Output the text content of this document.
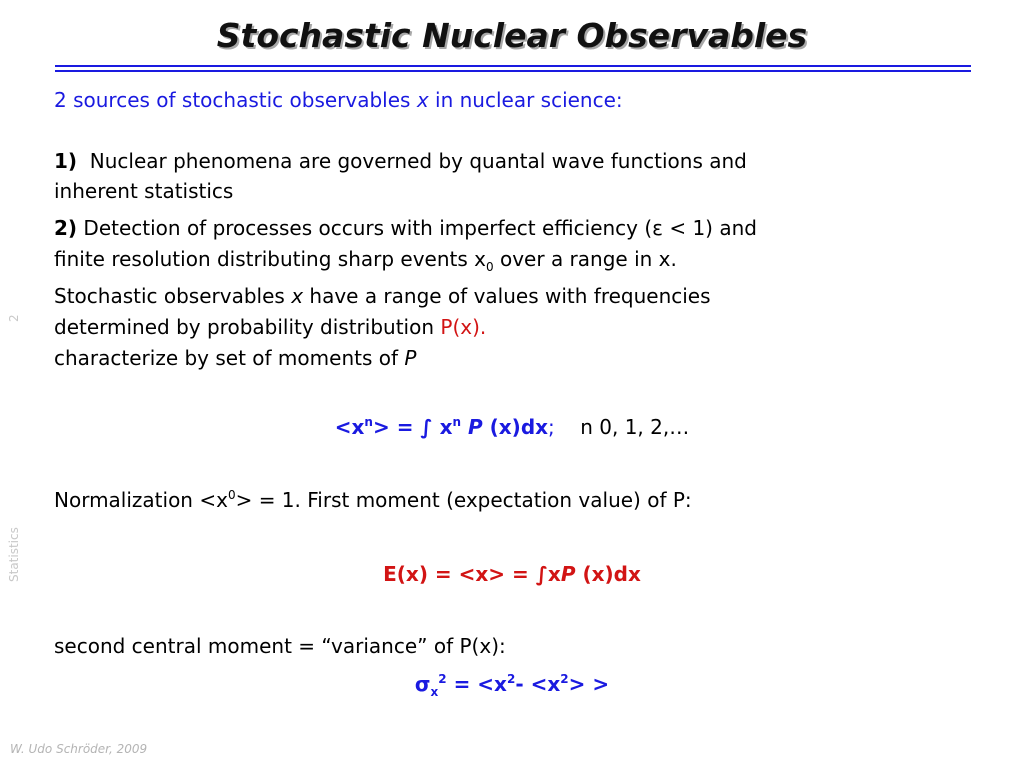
Stochastic Nuclear Observables
2
Statistics
W. Udo Schröder, 2009
2 sources of stochastic observables x in nuclear science:
1) Nuclear phenomena are governed by quantal wave functions and
inherent statistics
2) Detection of processes occurs with imperfect efficiency (ε < 1) and
finite resolution distributing sharp events $x_0$ over a range in x.
Stochastic observables x have a range of values with frequencies
determined by probability distribution P(x).
characterize by set of moments of P
$<x^n>$ = ∫ $x^n$ P (x)dx; n 0, 1, 2,…
Normalization $<x^0> = 1$. First moment (expectation value) of P:
E(x) = <x> = ∫xP (x)dx
second central moment = “variance” of P(x):
$\sigma_x^2 = <x^2- <x^2>$ >
